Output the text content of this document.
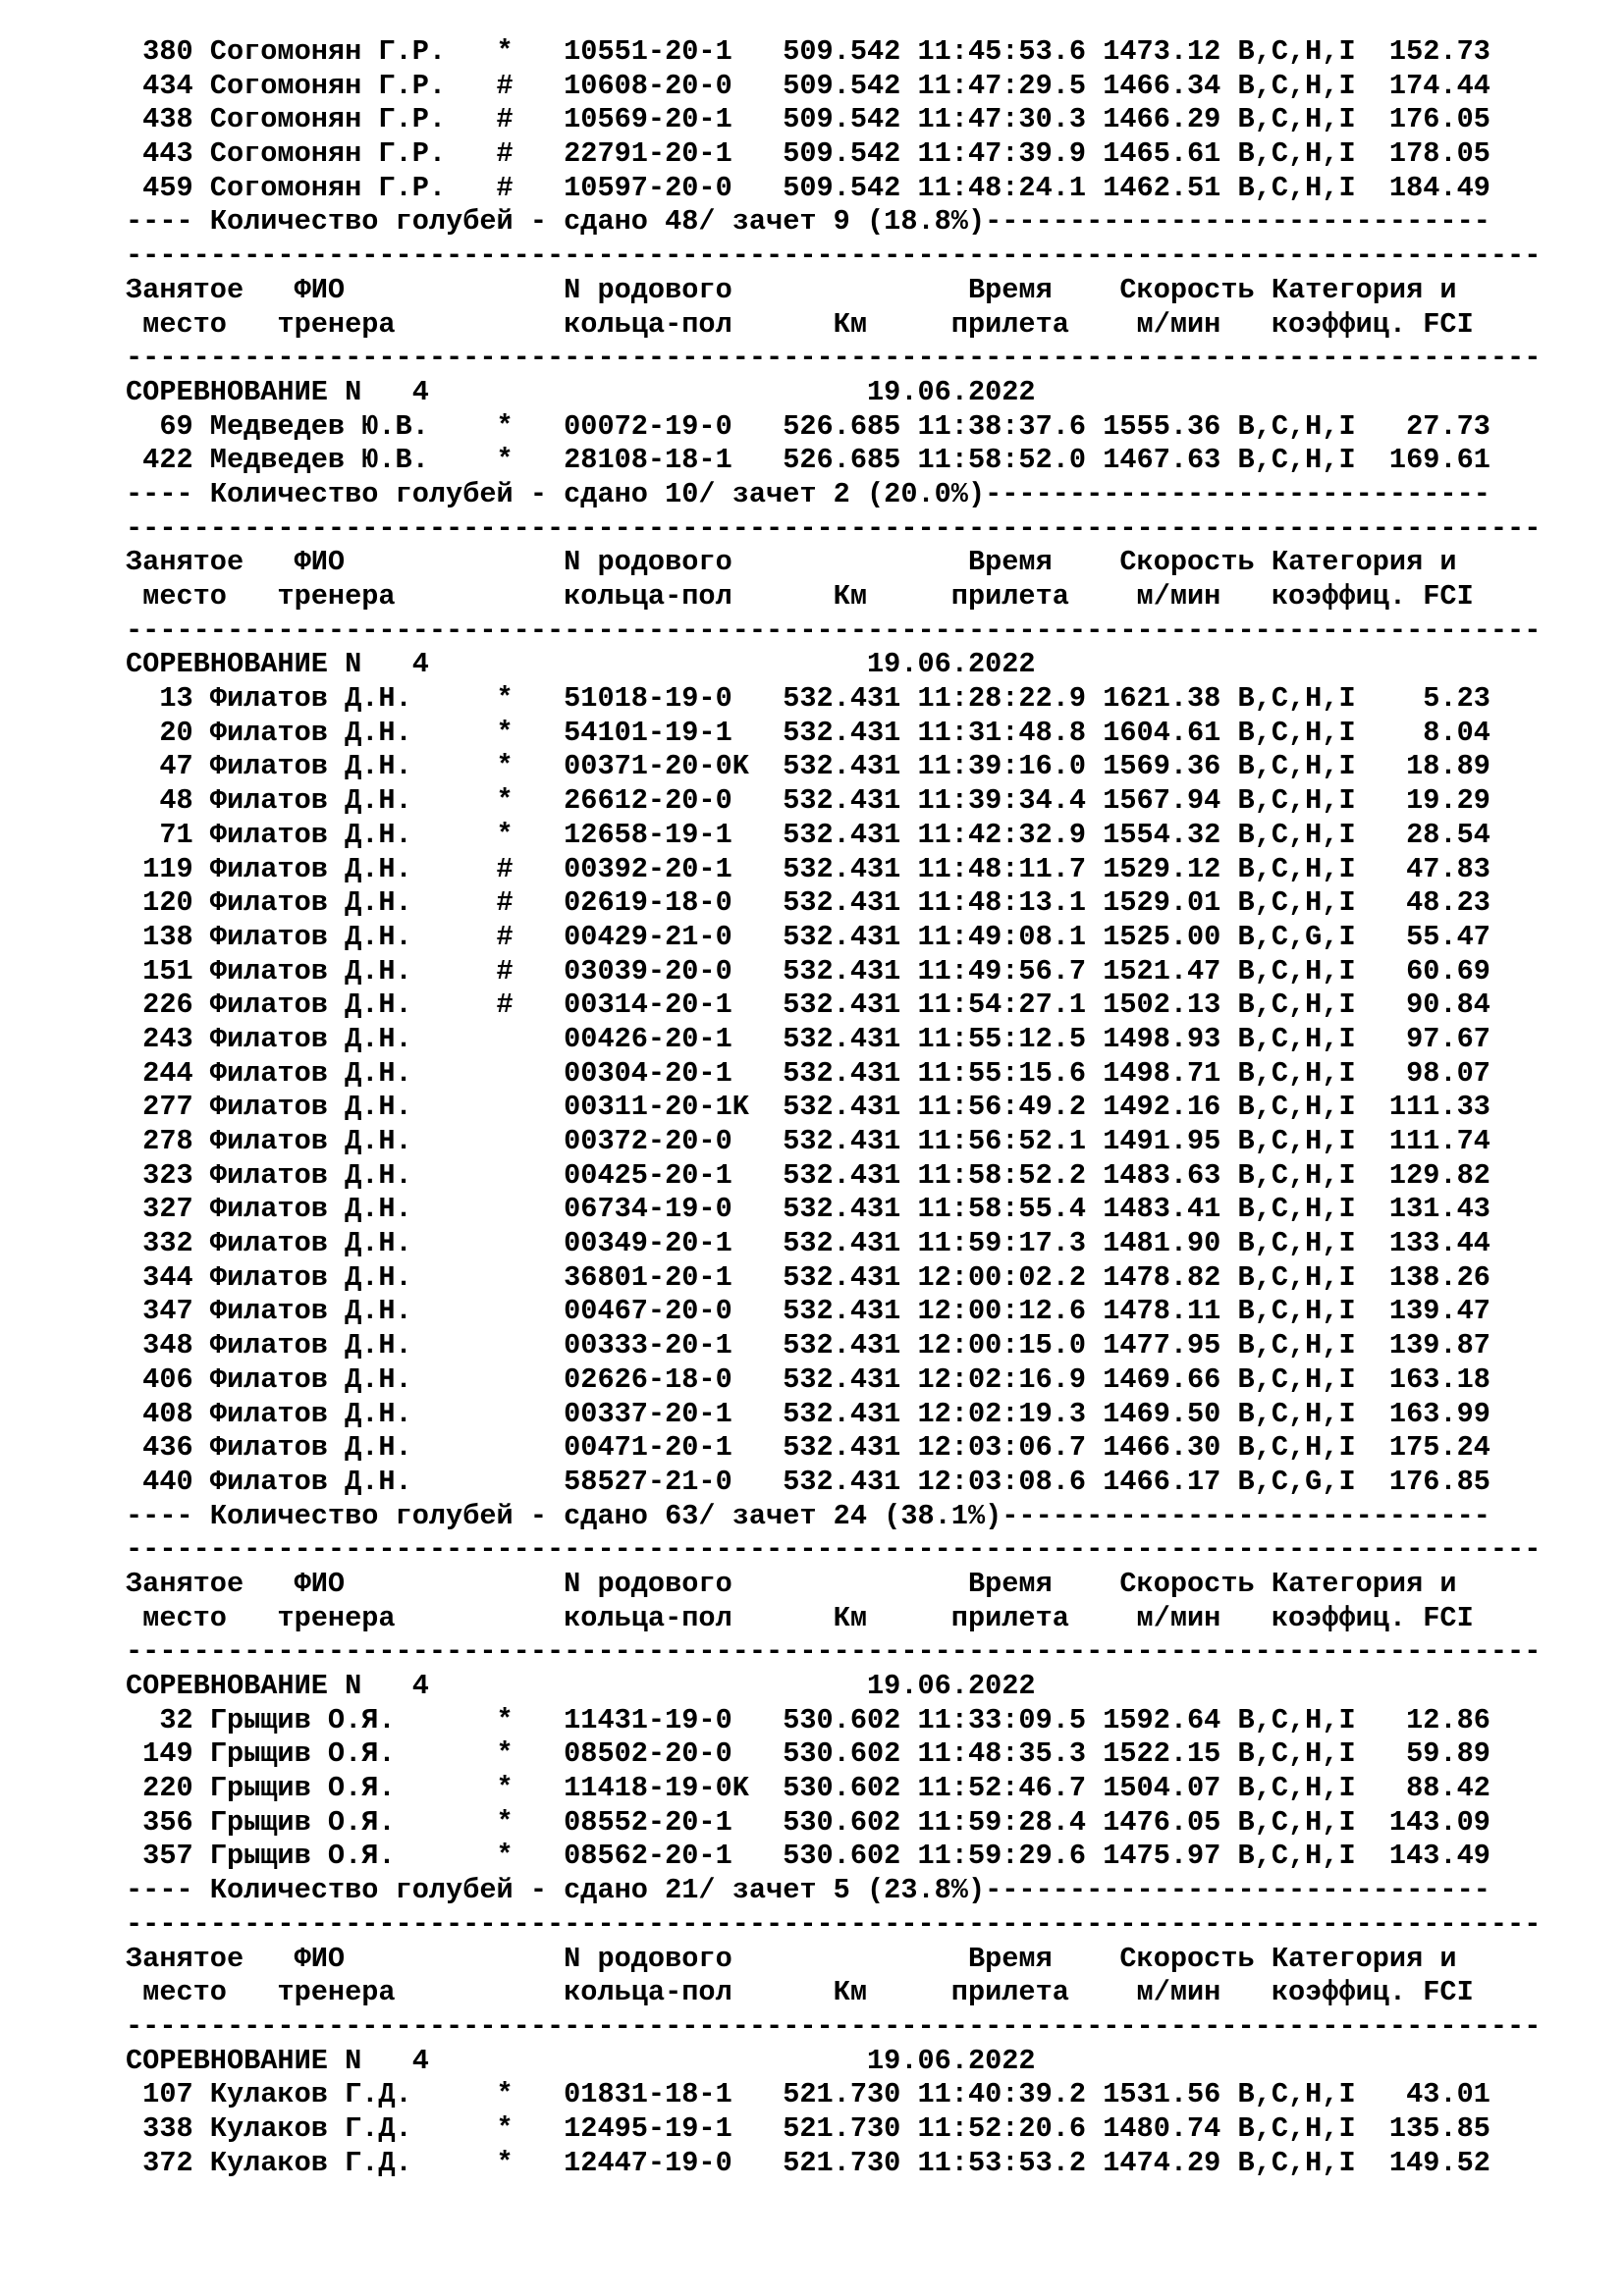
380 Согомонян Г.Р.   *   10551-20-1   509.542 11:45:53.6 1473.12 B,C,H,I  152.73
434 Согомонян Г.Р.   #   10608-20-0   509.542 11:47:29.5 1466.34 B,C,H,I  174.44
438 Согомонян Г.Р.   #   10569-20-1   509.542 11:47:30.3 1466.29 B,C,H,I  176.05
443 Согомонян Г.Р.   #   22791-20-1   509.542 11:47:39.9 1465.61 B,C,H,I  178.05
459 Согомонян Г.Р.   #   10597-20-0   509.542 11:48:24.1 1462.51 B,C,H,I  184.49
---- Количество голубей - сдано 48/ зачет 9 (18.8%)------------------------------
------------------------------------------------------------------------------------
Занятое   ФИО             N родового              Время    Скорость Категория и
место   тренера          кольца-пол      Км     прилета    м/мин   коэффиц. FCI
------------------------------------------------------------------------------------
СОРЕВНОВАНИЕ N   4                          19.06.2022
69 Медведев Ю.В.    *   00072-19-0   526.685 11:38:37.6 1555.36 B,C,H,I   27.73
422 Медведев Ю.В.    *   28108-18-1   526.685 11:58:52.0 1467.63 B,C,H,I  169.61
---- Количество голубей - сдано 10/ зачет 2 (20.0%)------------------------------
------------------------------------------------------------------------------------
Занятое   ФИО             N родового              Время    Скорость Категория и
место   тренера          кольца-пол      Км     прилета    м/мин   коэффиц. FCI
------------------------------------------------------------------------------------
СОРЕВНОВАНИЕ N   4                          19.06.2022
13 Филатов Д.Н.     *   51018-19-0   532.431 11:28:22.9 1621.38 B,C,H,I    5.23
20 Филатов Д.Н.     *   54101-19-1   532.431 11:31:48.8 1604.61 B,C,H,I    8.04
47 Филатов Д.Н.     *   00371-20-0K  532.431 11:39:16.0 1569.36 B,C,H,I   18.89
48 Филатов Д.Н.     *   26612-20-0   532.431 11:39:34.4 1567.94 B,C,H,I   19.29
71 Филатов Д.Н.     *   12658-19-1   532.431 11:42:32.9 1554.32 B,C,H,I   28.54
119 Филатов Д.Н.     #   00392-20-1   532.431 11:48:11.7 1529.12 B,C,H,I   47.83
120 Филатов Д.Н.     #   02619-18-0   532.431 11:48:13.1 1529.01 B,C,H,I   48.23
138 Филатов Д.Н.     #   00429-21-0   532.431 11:49:08.1 1525.00 B,C,G,I   55.47
151 Филатов Д.Н.     #   03039-20-0   532.431 11:49:56.7 1521.47 B,C,H,I   60.69
226 Филатов Д.Н.     #   00314-20-1   532.431 11:54:27.1 1502.13 B,C,H,I   90.84
243 Филатов Д.Н.         00426-20-1   532.431 11:55:12.5 1498.93 B,C,H,I   97.67
244 Филатов Д.Н.         00304-20-1   532.431 11:55:15.6 1498.71 B,C,H,I   98.07
277 Филатов Д.Н.         00311-20-1K  532.431 11:56:49.2 1492.16 B,C,H,I  111.33
278 Филатов Д.Н.         00372-20-0   532.431 11:56:52.1 1491.95 B,C,H,I  111.74
323 Филатов Д.Н.         00425-20-1   532.431 11:58:52.2 1483.63 B,C,H,I  129.82
327 Филатов Д.Н.         06734-19-0   532.431 11:58:55.4 1483.41 B,C,H,I  131.43
332 Филатов Д.Н.         00349-20-1   532.431 11:59:17.3 1481.90 B,C,H,I  133.44
344 Филатов Д.Н.         36801-20-1   532.431 12:00:02.2 1478.82 B,C,H,I  138.26
347 Филатов Д.Н.         00467-20-0   532.431 12:00:12.6 1478.11 B,C,H,I  139.47
348 Филатов Д.Н.         00333-20-1   532.431 12:00:15.0 1477.95 B,C,H,I  139.87
406 Филатов Д.Н.         02626-18-0   532.431 12:02:16.9 1469.66 B,C,H,I  163.18
408 Филатов Д.Н.         00337-20-1   532.431 12:02:19.3 1469.50 B,C,H,I  163.99
436 Филатов Д.Н.         00471-20-1   532.431 12:03:06.7 1466.30 B,C,H,I  175.24
440 Филатов Д.Н.         58527-21-0   532.431 12:03:08.6 1466.17 B,C,G,I  176.85
---- Количество голубей - сдано 63/ зачет 24 (38.1%)-----------------------------
------------------------------------------------------------------------------------
Занятое   ФИО             N родового              Время    Скорость Категория и
место   тренера          кольца-пол      Км     прилета    м/мин   коэффиц. FCI
------------------------------------------------------------------------------------
СОРЕВНОВАНИЕ N   4                          19.06.2022
32 Грыщив О.Я.      *   11431-19-0   530.602 11:33:09.5 1592.64 B,C,H,I   12.86
149 Грыщив О.Я.      *   08502-20-0   530.602 11:48:35.3 1522.15 B,C,H,I   59.89
220 Грыщив О.Я.      *   11418-19-0K  530.602 11:52:46.7 1504.07 B,C,H,I   88.42
356 Грыщив О.Я.      *   08552-20-1   530.602 11:59:28.4 1476.05 B,C,H,I  143.09
357 Грыщив О.Я.      *   08562-20-1   530.602 11:59:29.6 1475.97 B,C,H,I  143.49
---- Количество голубей - сдано 21/ зачет 5 (23.8%)------------------------------
------------------------------------------------------------------------------------
Занятое   ФИО             N родового              Время    Скорость Категория и
место   тренера          кольца-пол      Км     прилета    м/мин   коэффиц. FCI
------------------------------------------------------------------------------------
СОРЕВНОВАНИЕ N   4                          19.06.2022
107 Кулаков Г.Д.     *   01831-18-1   521.730 11:40:39.2 1531.56 B,C,H,I   43.01
338 Кулаков Г.Д.     *   12495-19-1   521.730 11:52:20.6 1480.74 B,C,H,I  135.85
372 Кулаков Г.Д.     *   12447-19-0   521.730 11:53:53.2 1474.29 B,C,H,I  149.52
